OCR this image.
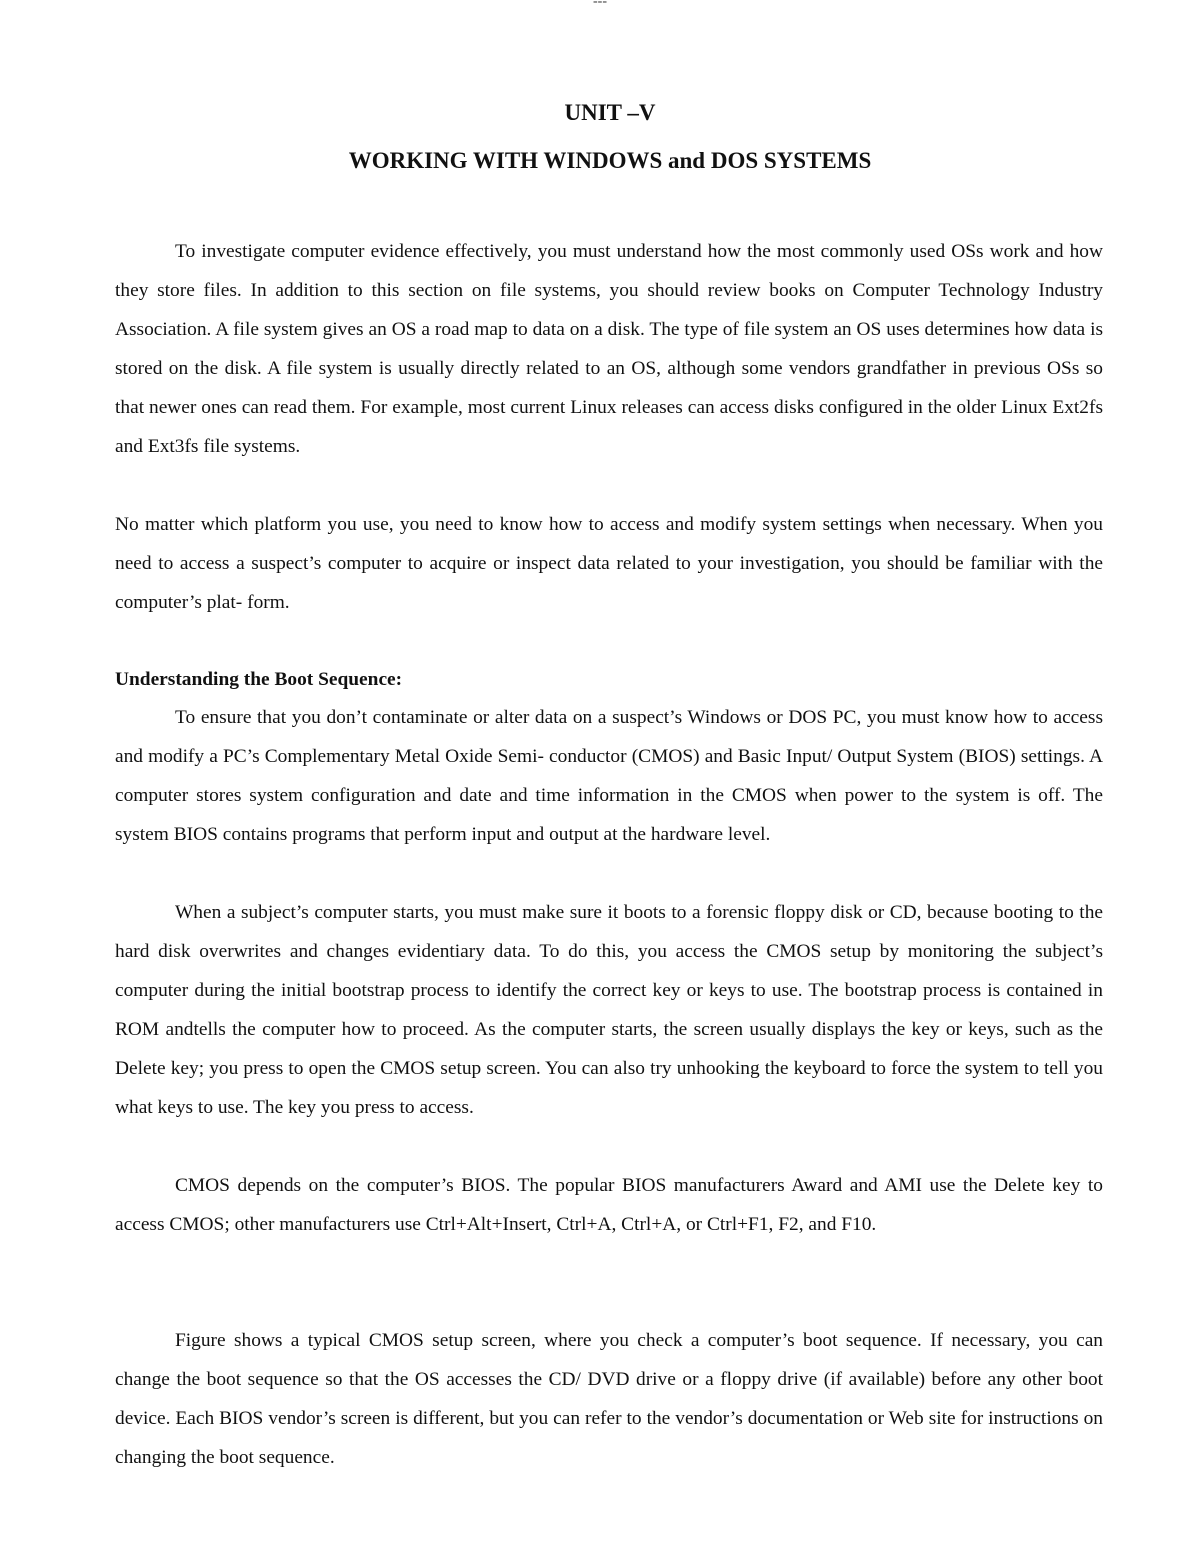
---
UNIT –V
WORKING WITH WINDOWS and DOS SYSTEMS

To investigate computer evidence effectively, you must understand how the most commonly used OSs work and how they store files. In addition to this section on file systems, you should review books on Computer Technology Industry Association. A file system gives an OS a road map to data on a disk. The type of file system an OS uses determines how data is stored on the disk. A file system is usually directly related to an OS, although some vendors grandfather in previous OSs so that newer ones can read them. For example, most current Linux releases can access disks configured in the older Linux Ext2fs and Ext3fs file systems.

No matter which platform you use, you need to know how to access and modify system settings when necessary. When you need to access a suspect’s computer to acquire or inspect data related to your investigation, you should be familiar with the computer’s plat- form.

Understanding the Boot Sequence:

To ensure that you don’t contaminate or alter data on a suspect’s Windows or DOS PC, you must know how to access and modify a PC’s Complementary Metal Oxide Semi- conductor (CMOS) and Basic Input/ Output System (BIOS) settings. A computer stores system configuration and date and time information in the CMOS when power to the system is off. The system BIOS contains programs that perform input and output at the hardware level.

When a subject’s computer starts, you must make sure it boots to a forensic floppy disk or CD, because booting to the hard disk overwrites and changes evidentiary data. To do this, you access the CMOS setup by monitoring the subject’s computer during the initial bootstrap process to identify the correct key or keys to use. The bootstrap process is contained in ROM andtells the computer how to proceed. As the computer starts, the screen usually displays the key or keys, such as the Delete key; you press to open the CMOS setup screen. You can also try unhooking the keyboard to force the system to tell you what keys to use. The key you press to access.

CMOS depends on the computer’s BIOS. The popular BIOS manufacturers Award and AMI use the Delete key to access CMOS; other manufacturers use Ctrl+Alt+Insert, Ctrl+A, Ctrl+A, or Ctrl+F1, F2, and F10.

Figure shows a typical CMOS setup screen, where you check a computer’s boot sequence. If necessary, you can change the boot sequence so that the OS accesses the CD/ DVD drive or a floppy drive (if available) before any other boot device. Each BIOS vendor’s screen is different, but you can refer to the vendor’s documentation or Web site for instructions on changing the boot sequence.
